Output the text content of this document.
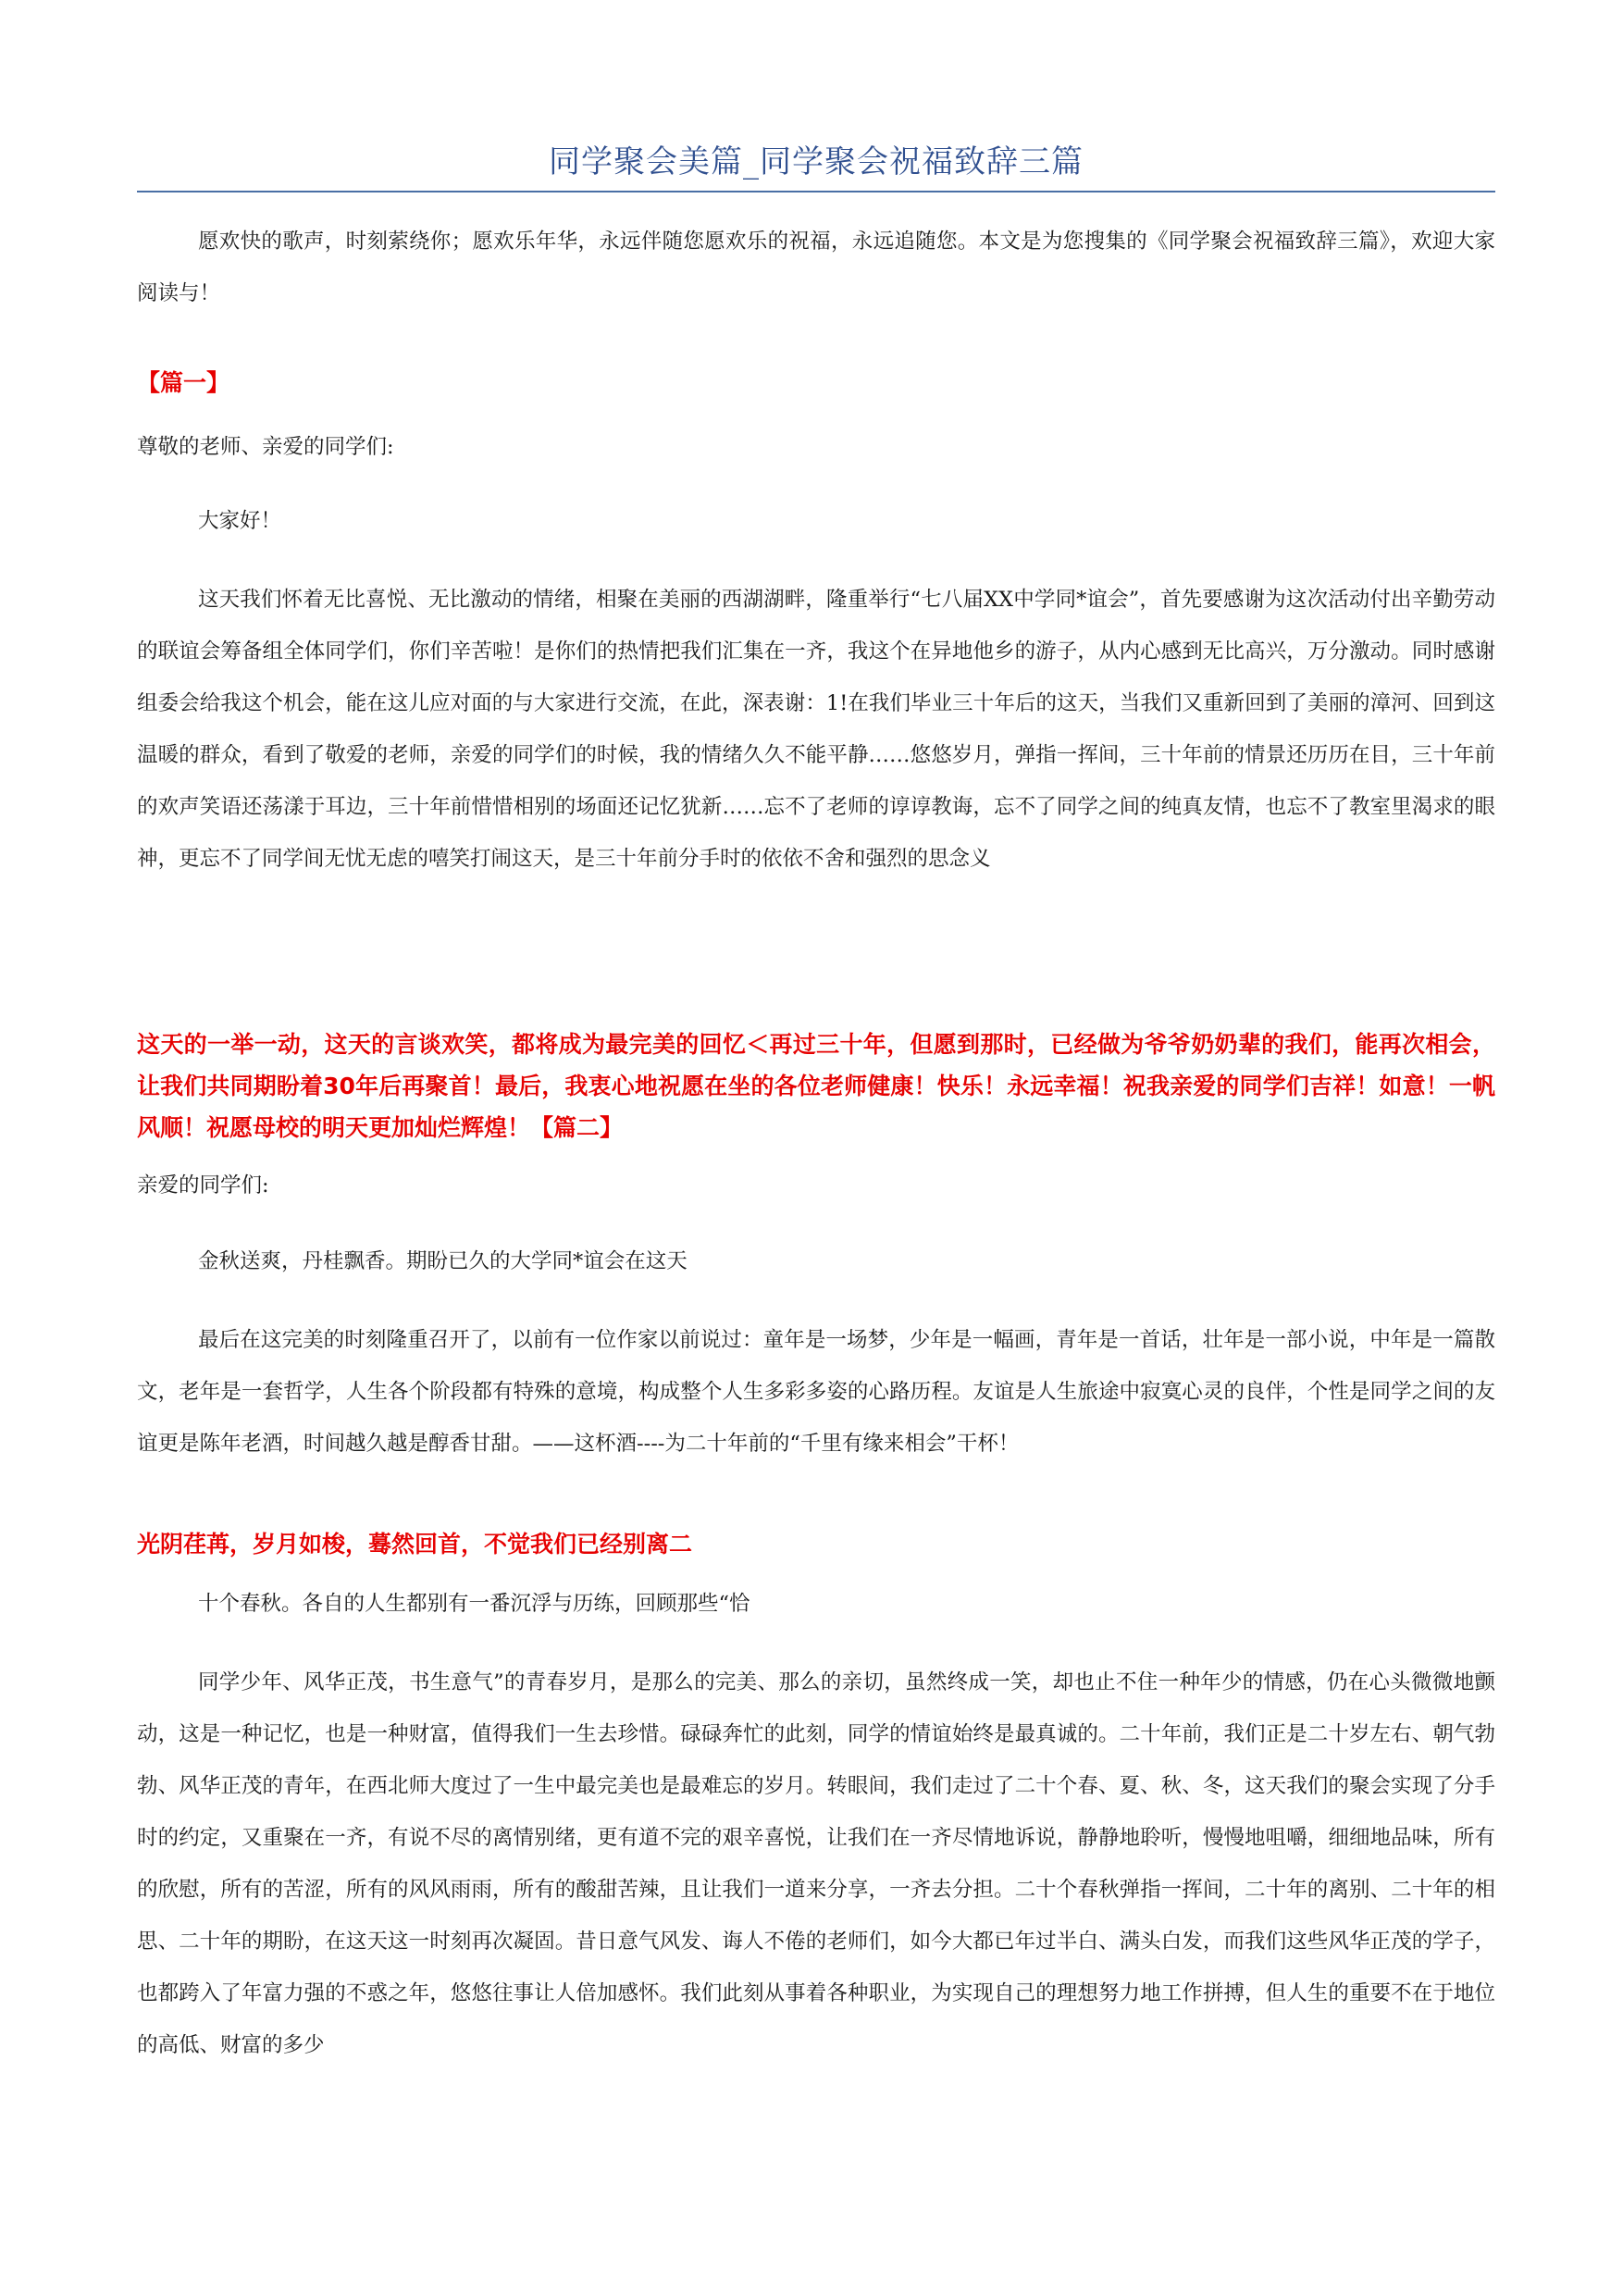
同学聚会美篇_同学聚会祝福致辞三篇

愿欢快的歌声，时刻萦绕你；愿欢乐年华，永远伴随您愿欢乐的祝福，永远追随您。本文是为您搜集的《同学聚会祝福致辞三篇》，欢迎大家阅读与！

【篇一】

尊敬的老师、亲爱的同学们:

大家好！

这天我们怀着无比喜悦、无比激动的情绪，相聚在美丽的西湖湖畔，隆重举行“七八届XX中学同*谊会”，首先要感谢为这次活动付出辛勤劳动的联谊会筹备组全体同学们，你们辛苦啦！是你们的热情把我们汇集在一齐，我这个在异地他乡的游子，从内心感到无比高兴，万分激动。同时感谢组委会给我这个机会，能在这儿应对面的与大家进行交流，在此，深表谢：1!在我们毕业三十年后的这天，当我们又重新回到了美丽的漳河、回到这温暖的群众，看到了敬爱的老师，亲爱的同学们的时候，我的情绪久久不能平静……悠悠岁月，弹指一挥间，三十年前的情景还历历在目，三十年前的欢声笑语还荡漾于耳边，三十年前惜惜相别的场面还记忆犹新……忘不了老师的谆谆教诲，忘不了同学之间的纯真友情，也忘不了教室里渴求的眼神，更忘不了同学间无忧无虑的嘻笑打闹这天，是三十年前分手时的依依不舍和强烈的思念义

这天的一举一动，这天的言谈欢笑，都将成为最完美的回忆＜再过三十年，但愿到那时，已经做为爷爷奶奶辈的我们，能再次相会，让我们共同期盼着30年后再聚首！最后，我衷心地祝愿在坐的各位老师健康！快乐！永远幸福！祝我亲爱的同学们吉祥！如意！一帆风顺！祝愿母校的明天更加灿烂辉煌！【篇二】

亲爱的同学们:

金秋送爽，丹桂飘香。期盼已久的大学同*谊会在这天

最后在这完美的时刻隆重召开了，以前有一位作家以前说过：童年是一场梦，少年是一幅画，青年是一首话，壮年是一部小说，中年是一篇散文，老年是一套哲学，人生各个阶段都有特殊的意境，构成整个人生多彩多姿的心路历程。友谊是人生旅途中寂寞心灵的良伴，个性是同学之间的友谊更是陈年老酒，时间越久越是醇香甘甜。——这杯酒----为二十年前的“千里有缘来相会”干杯！

光阴荏苒，岁月如梭，蓦然回首，不觉我们已经别离二

十个春秋。各自的人生都别有一番沉浮与历练，回顾那些“恰

同学少年、风华正茂，书生意气”的青春岁月，是那么的完美、那么的亲切，虽然终成一笑，却也止不住一种年少的情感，仍在心头微微地颤动，这是一种记忆，也是一种财富，值得我们一生去珍惜。碌碌奔忙的此刻，同学的情谊始终是最真诚的。二十年前，我们正是二十岁左右、朝气勃勃、风华正茂的青年，在西北师大度过了一生中最完美也是最难忘的岁月。转眼间，我们走过了二十个春、夏、秋、冬，这天我们的聚会实现了分手时的约定，又重聚在一齐，有说不尽的离情别绪，更有道不完的艰辛喜悦，让我们在一齐尽情地诉说，静静地聆听，慢慢地咀嚼，细细地品味，所有的欣慰，所有的苦涩，所有的风风雨雨，所有的酸甜苦辣，且让我们一道来分享，一齐去分担。二十个春秋弹指一挥间，二十年的离别、二十年的相思、二十年的期盼，在这天这一时刻再次凝固。昔日意气风发、诲人不倦的老师们，如今大都已年过半白、满头白发，而我们这些风华正茂的学子，也都跨入了年富力强的不惑之年，悠悠往事让人倍加感怀。我们此刻从事着各种职业，为实现自己的理想努力地工作拼搏，但人生的重要不在于地位的高低、财富的多少
